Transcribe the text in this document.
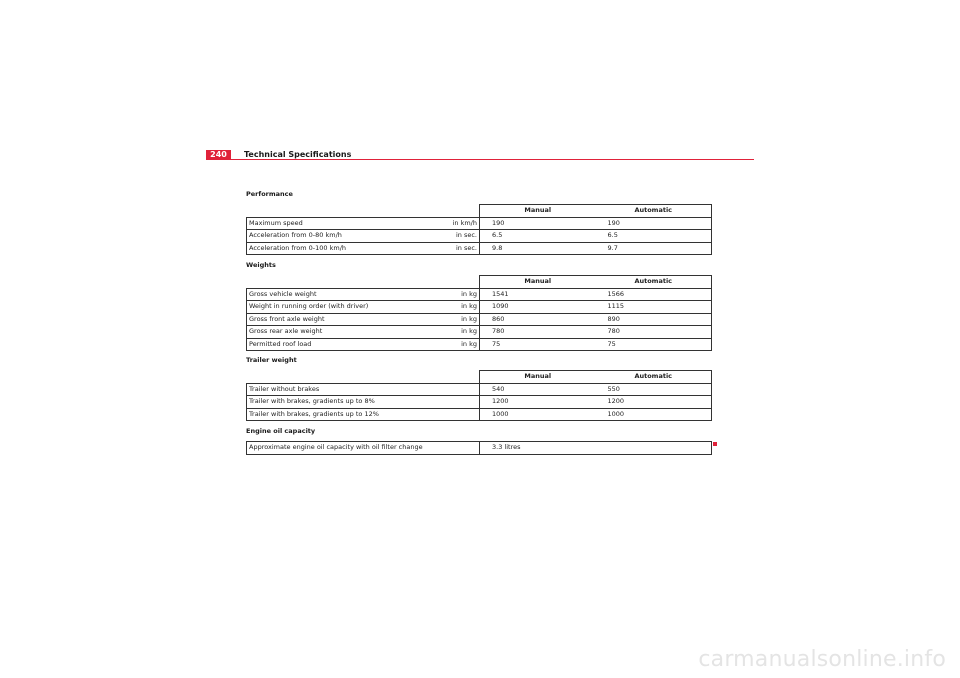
240	Technical Specifications
Performance
	Manual	Automatic

Maximum speed in km/h	190	190

Acceleration from 0-80 km/h in sec.	6.5	6.5

Acceleration from 0-100 km/h in sec.	9.8	9.7
Weights
	Manual	Automatic

Gross vehicle weight in kg	1541	1566

Weight in running order (with driver) in kg	1090	1115

Gross front axle weight in kg	860	890

Gross rear axle weight in kg	780	780

Permitted roof load in kg	75	75
Trailer weight
	Manual	Automatic
Trailer without brakes	540	550
Trailer with brakes, gradients up to 8%	1200	1200
Trailer with brakes, gradients up to 12%	1000	1000
Engine oil capacity
Approximate engine oil capacity with oil filter change	3.3 litres
carmanualsonline.info
